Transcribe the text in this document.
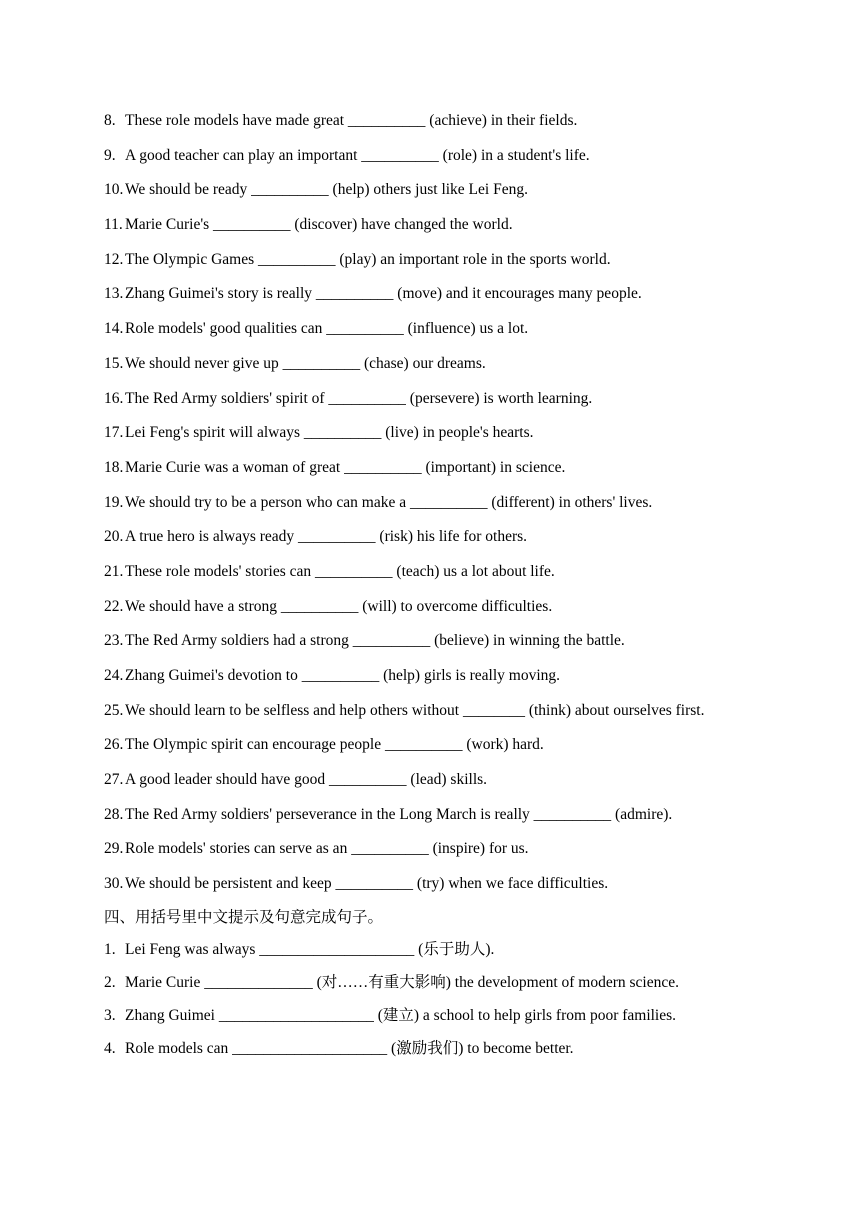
8. These role models have made great __________ (achieve) in their fields.
9. A good teacher can play an important __________ (role) in a student's life.
10. We should be ready __________ (help) others just like Lei Feng.
11. Marie Curie's __________ (discover) have changed the world.
12. The Olympic Games __________ (play) an important role in the sports world.
13. Zhang Guimei's story is really __________ (move) and it encourages many people.
14. Role models' good qualities can __________ (influence) us a lot.
15. We should never give up __________ (chase) our dreams.
16. The Red Army soldiers' spirit of __________ (persevere) is worth learning.
17. Lei Feng's spirit will always __________ (live) in people's hearts.
18. Marie Curie was a woman of great __________ (important) in science.
19. We should try to be a person who can make a __________ (different) in others' lives.
20. A true hero is always ready __________ (risk) his life for others.
21. These role models' stories can __________ (teach) us a lot about life.
22. We should have a strong __________ (will) to overcome difficulties.
23. The Red Army soldiers had a strong __________ (believe) in winning the battle.
24. Zhang Guimei's devotion to __________ (help) girls is really moving.
25. We should learn to be selfless and help others without ________ (think) about ourselves first.
26. The Olympic spirit can encourage people __________ (work) hard.
27. A good leader should have good __________ (lead) skills.
28. The Red Army soldiers' perseverance in the Long March is really __________ (admire).
29. Role models' stories can serve as an __________ (inspire) for us.
30. We should be persistent and keep __________ (try) when we face difficulties.
四、用括号里中文提示及句意完成句子。
1. Lei Feng was always ____________________ (乐于助人).
2. Marie Curie ______________ (对……有重大影响) the development of modern science.
3. Zhang Guimei ____________________ (建立) a school to help girls from poor families.
4. Role models can ____________________ (激励我们) to become better.
